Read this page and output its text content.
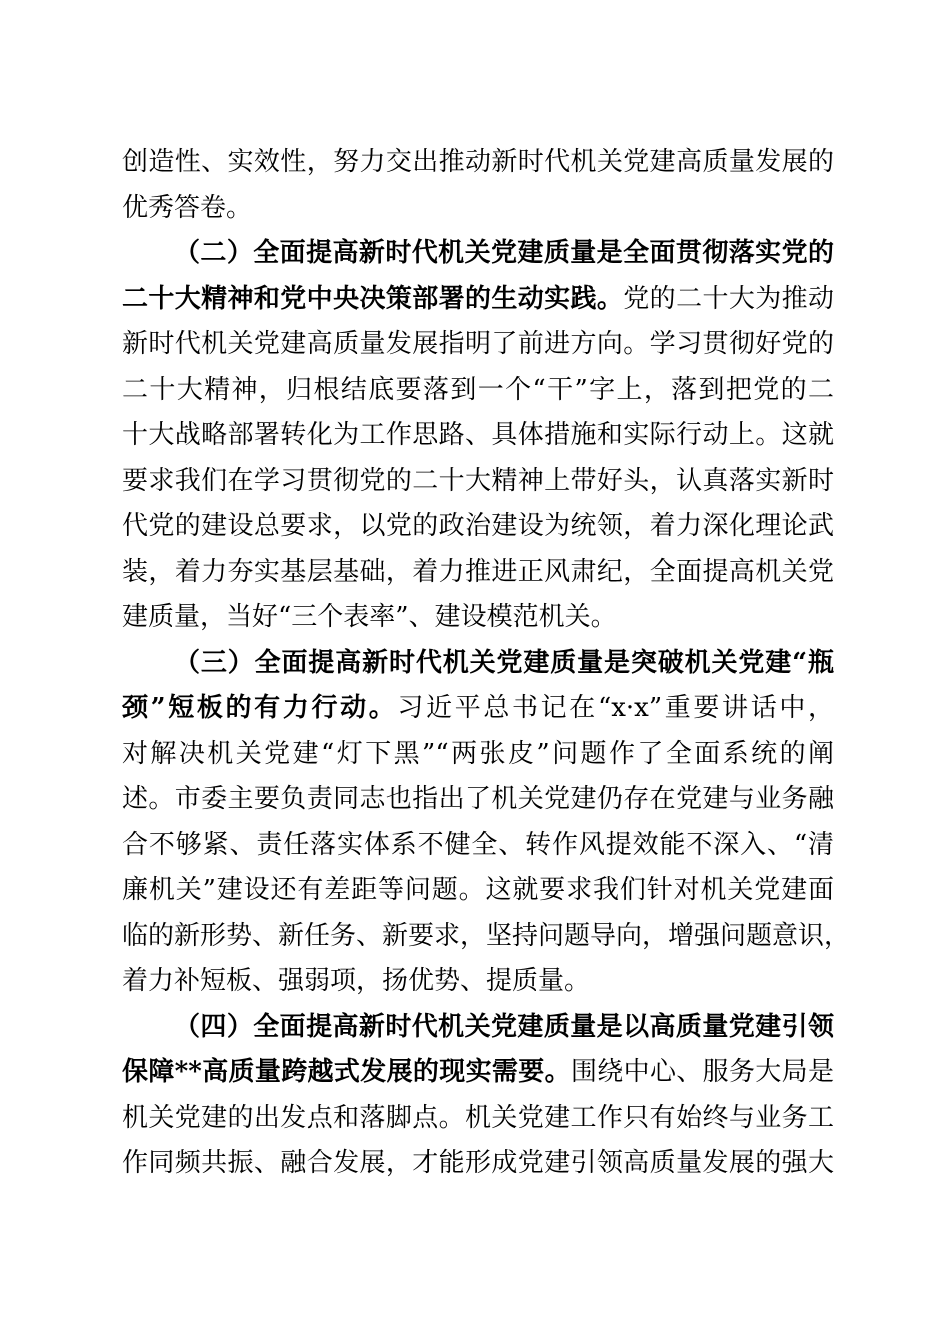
创造性、实效性，努力交出推动新时代机关党建高质量发展的
优秀答卷。
（二）全面提高新时代机关党建质量是全面贯彻落实党的
二十大精神和党中央决策部署的生动实践。党的二十大为推动
新时代机关党建高质量发展指明了前进方向。学习贯彻好党的
二十大精神，归根结底要落到一个“干”字上，落到把党的二
十大战略部署转化为工作思路、具体措施和实际行动上。这就
要求我们在学习贯彻党的二十大精神上带好头，认真落实新时
代党的建设总要求，以党的政治建设为统领，着力深化理论武
装，着力夯实基层基础，着力推进正风肃纪，全面提高机关党
建质量，当好“三个表率”、建设模范机关。
（三）全面提高新时代机关党建质量是突破机关党建“瓶
颈”短板的有力行动。习近平总书记在“x·x”重要讲话中，
对解决机关党建“灯下黑”“两张皮”问题作了全面系统的阐
述。市委主要负责同志也指出了机关党建仍存在党建与业务融
合不够紧、责任落实体系不健全、转作风提效能不深入、“清
廉机关”建设还有差距等问题。这就要求我们针对机关党建面
临的新形势、新任务、新要求，坚持问题导向，增强问题意识，
着力补短板、强弱项，扬优势、提质量。
（四）全面提高新时代机关党建质量是以高质量党建引领
保障**高质量跨越式发展的现实需要。围绕中心、服务大局是
机关党建的出发点和落脚点。机关党建工作只有始终与业务工
作同频共振、融合发展，才能形成党建引领高质量发展的强大
